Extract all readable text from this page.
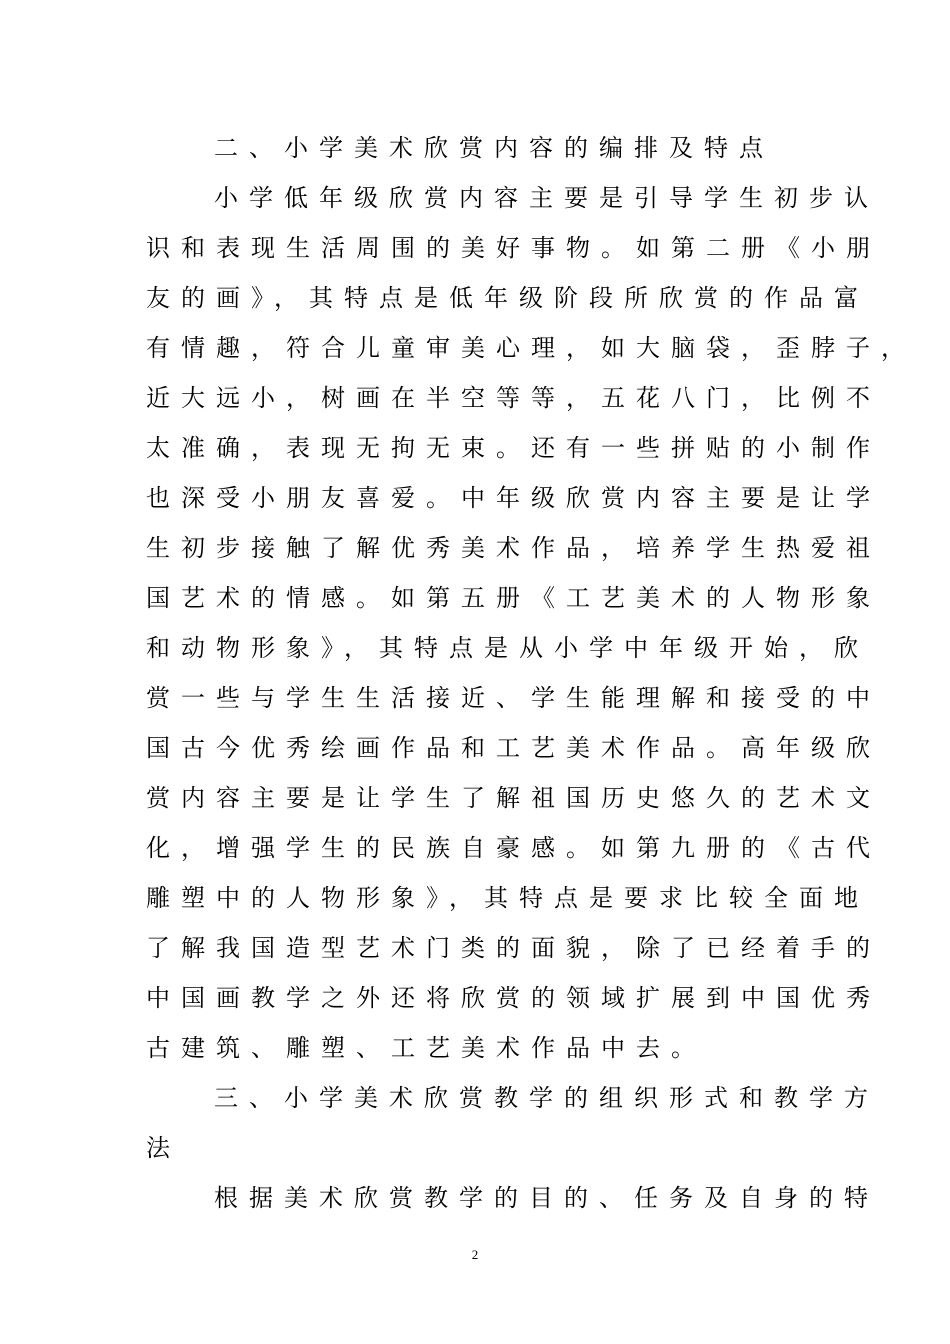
二、小学美术欣赏内容的编排及特点
小学低年级欣赏内容主要是引导学生初步认
识和表现生活周围的美好事物。如第二册《小朋
友的画》，其特点是低年级阶段所欣赏的作品富
有情趣，符合儿童审美心理，如大脑袋，歪脖子，
近大远小，树画在半空等等，五花八门，比例不
太准确，表现无拘无束。还有一些拼贴的小制作
也深受小朋友喜爱。中年级欣赏内容主要是让学
生初步接触了解优秀美术作品，培养学生热爱祖
国艺术的情感。如第五册《工艺美术的人物形象
和动物形象》，其特点是从小学中年级开始，欣
赏一些与学生生活接近、学生能理解和接受的中
国古今优秀绘画作品和工艺美术作品。高年级欣
赏内容主要是让学生了解祖国历史悠久的艺术文
化，增强学生的民族自豪感。如第九册的《古代
雕塑中的人物形象》，其特点是要求比较全面地
了解我国造型艺术门类的面貌，除了已经着手的
中国画教学之外还将欣赏的领域扩展到中国优秀
古建筑、雕塑、工艺美术作品中去。
三、小学美术欣赏教学的组织形式和教学方
法
根据美术欣赏教学的目的、任务及自身的特
2
